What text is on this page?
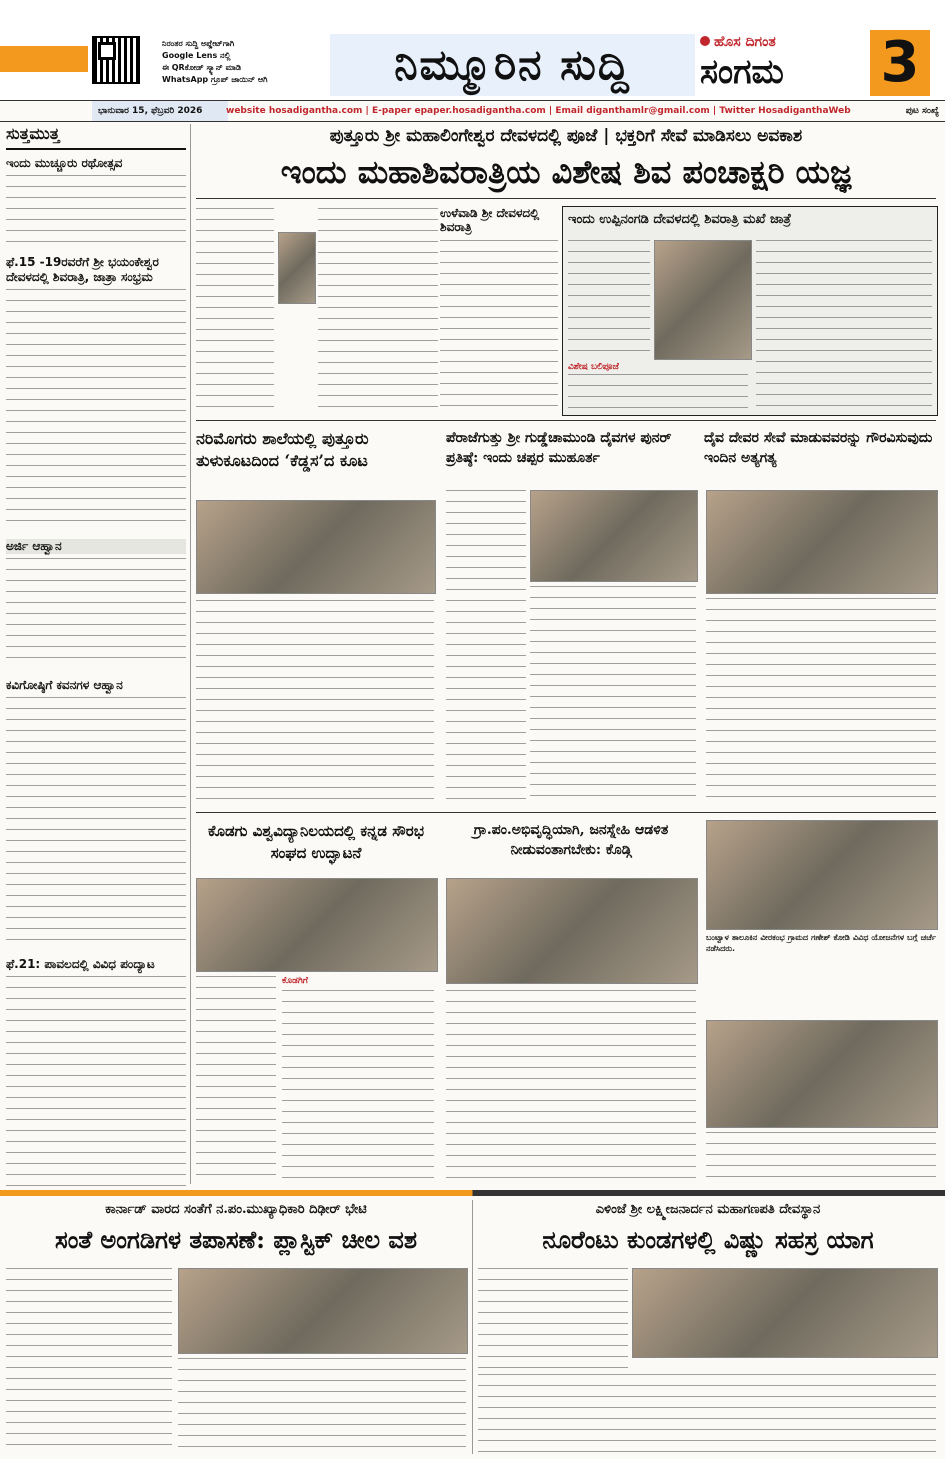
ನಿರಂತರ ಸುದ್ದಿ ಅಪ್ಡೇಟ್‌ಗಾಗಿ
Google Lens ನಲ್ಲಿ
ಈ QRಕೋಡ್ ಸ್ಕ್ಯಾನ್ ಮಾಡಿ
WhatsApp ಗ್ರೂಪ್ ಜಾಯಿನ್ ಆಗಿ	ನಿಮ್ಮೂರಿನ ಸುದ್ದಿ	ಹೊಸ ದಿಗಂತ
ಸಂಗಮ 3
ಭಾನುವಾರ 15, ಫೆಬ್ರವರಿ 2026	website hosadigantha.com | E-paper epaper.hosadigantha.com | Email diganthamlr@gmail.com | Twitter HosadiganthaWeb	ಪುಟ ಸಂಖ್ಯೆ
ಸುತ್ತಮುತ್ತ
ಇಂದು ಮುಚ್ಚೂರು ರಥೋತ್ಸವ
ಫೆ.15 -19ರವರೆಗೆ ಶ್ರೀ ಭಯಂಕೇಶ್ವರ ದೇವಳದಲ್ಲಿ ಶಿವರಾತ್ರಿ, ಜಾತ್ರಾ ಸಂಭ್ರಮ
ಅರ್ಜಿ ಆಹ್ವಾನ
ಕವಿಗೋಷ್ಠಿಗೆ ಕವನಗಳ ಆಹ್ವಾನ
ಫೆ.21: ಪಾವಲದಲ್ಲಿ ವಿವಿಧ ಪಂದ್ಯಾಟ
ಪುತ್ತೂರು ಶ್ರೀ ಮಹಾಲಿಂಗೇಶ್ವರ ದೇವಳದಲ್ಲಿ ಪೂಜೆ | ಭಕ್ತರಿಗೆ ಸೇವೆ ಮಾಡಿಸಲು ಅವಕಾಶ
ಇಂದು ಮಹಾಶಿವರಾತ್ರಿಯ ವಿಶೇಷ ಶಿವ ಪಂಚಾಕ್ಷರಿ ಯಜ್ಞ
ಉಳೆವಾಡಿ ಶ್ರೀ ದೇವಳದಲ್ಲಿ ಶಿವರಾತ್ರಿ	ಇಂದು ಉಪ್ಪಿನಂಗಡಿ ದೇವಳದಲ್ಲಿ ಶಿವರಾತ್ರಿ ಮಖೆ ಜಾತ್ರೆ
ವಿಶೇಷ ಬಲಿಪೂಜೆ
ನರಿಮೊಗರು ಶಾಲೆಯಲ್ಲಿ ಪುತ್ತೂರು ತುಳುಕೂಟದಿಂದ ‘ಕೆಡ್ಡಸ’ದ ಕೂಟ
ಪೆರಾಜೆಗುತ್ತು ಶ್ರೀ ಗುಡ್ಡೆಚಾಮುಂಡಿ ದೈವಗಳ ಪುನರ್ ಪ್ರತಿಷ್ಠೆ: ಇಂದು ಚಪ್ಪರ ಮುಹೂರ್ತ
ದೈವ ದೇವರ ಸೇವೆ ಮಾಡುವವರನ್ನು ಗೌರವಿಸುವುದು ಇಂದಿನ ಅತ್ಯಗತ್ಯ
ಕೊಡಗು ವಿಶ್ವವಿದ್ಯಾನಿಲಯದಲ್ಲಿ ಕನ್ನಡ ಸೌರಭ ಸಂಘದ ಉದ್ಘಾಟನೆ
ಕೊಡಗಿಗೆ
ಗ್ರಾ.ಪಂ.ಅಭಿವೃದ್ಧಿಯಾಗಿ, ಜನಸ್ನೇಹಿ ಆಡಳಿತ ನೀಡುವಂತಾಗಬೇಕು: ಕೊಡ್ಗಿ
ಬಂಟ್ವಾಳ ತಾಲೂಕಿನ ವೀರಕಂಭ ಗ್ರಾಮದ ಗಣೇಶ್ ಕೋಡಿ ವಿವಿಧ ಯೋಜನೆಗಳ ಬಗ್ಗೆ ಚರ್ಚೆ ನಡೆಸಿದರು.
ಕಾರ್ನಾಡ್ ವಾರದ ಸಂತೆಗೆ ನ.ಪಂ.ಮುಖ್ಯಾಧಿಕಾರಿ ದಿಢೀರ್ ಭೇಟಿ
ಸಂತೆ ಅಂಗಡಿಗಳ ತಪಾಸಣೆ: ಪ್ಲಾಸ್ಟಿಕ್ ಚೀಲ ವಶ
ಎಳಿಂಜೆ ಶ್ರೀ ಲಕ್ಷ್ಮೀಜನಾರ್ದನ ಮಹಾಗಣಪತಿ ದೇವಸ್ಥಾನ
ನೂರೆಂಟು ಕುಂಡಗಳಲ್ಲಿ ವಿಷ್ಣು ಸಹಸ್ರ ಯಾಗ
